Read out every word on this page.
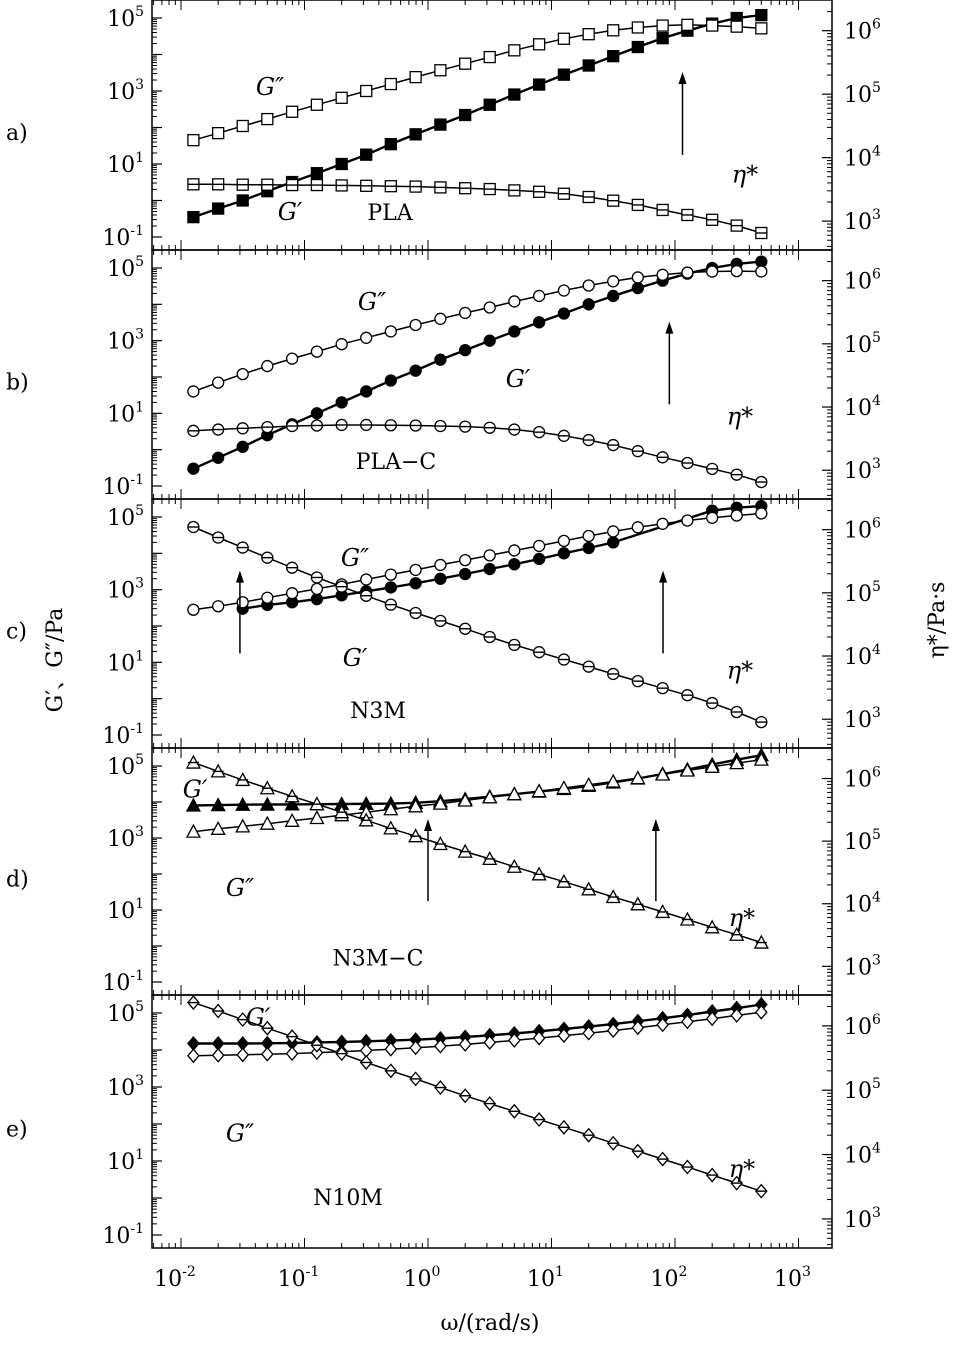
$10^{-1}$
$10^1$
$10^3$
$10^5$
$10^3$
$10^4$
$10^5$
$10^6$
G″
G′
η*
PLA
a)
$10^{-1}$
$10^1$
$10^3$
$10^5$
$10^3$
$10^4$
$10^5$
$10^6$
G″
G′
η*
PLA−C
b)
$10^{-1}$
$10^1$
$10^3$
$10^5$
$10^3$
$10^4$
$10^5$
$10^6$
G″
G′	η*
N3M
c)
$10^{-1}$
$10^1$
$10^3$
$10^5$
$10^3$
$10^4$
$10^5$
$10^6$
G″
G′
η*
N3M−C
d)
$10^{-1}$
$10^1$
$10^3$
$10^5$
$10^3$
$10^4$
$10^5$
$10^6$
G″
G′
η*
N10M
e)
$10^{-2}$	$10^{-1}$	$10^0$	$10^1$	$10^2$	$10^3$
G′、G″/Pa	η*/Pa·s
ω/(rad/s)
